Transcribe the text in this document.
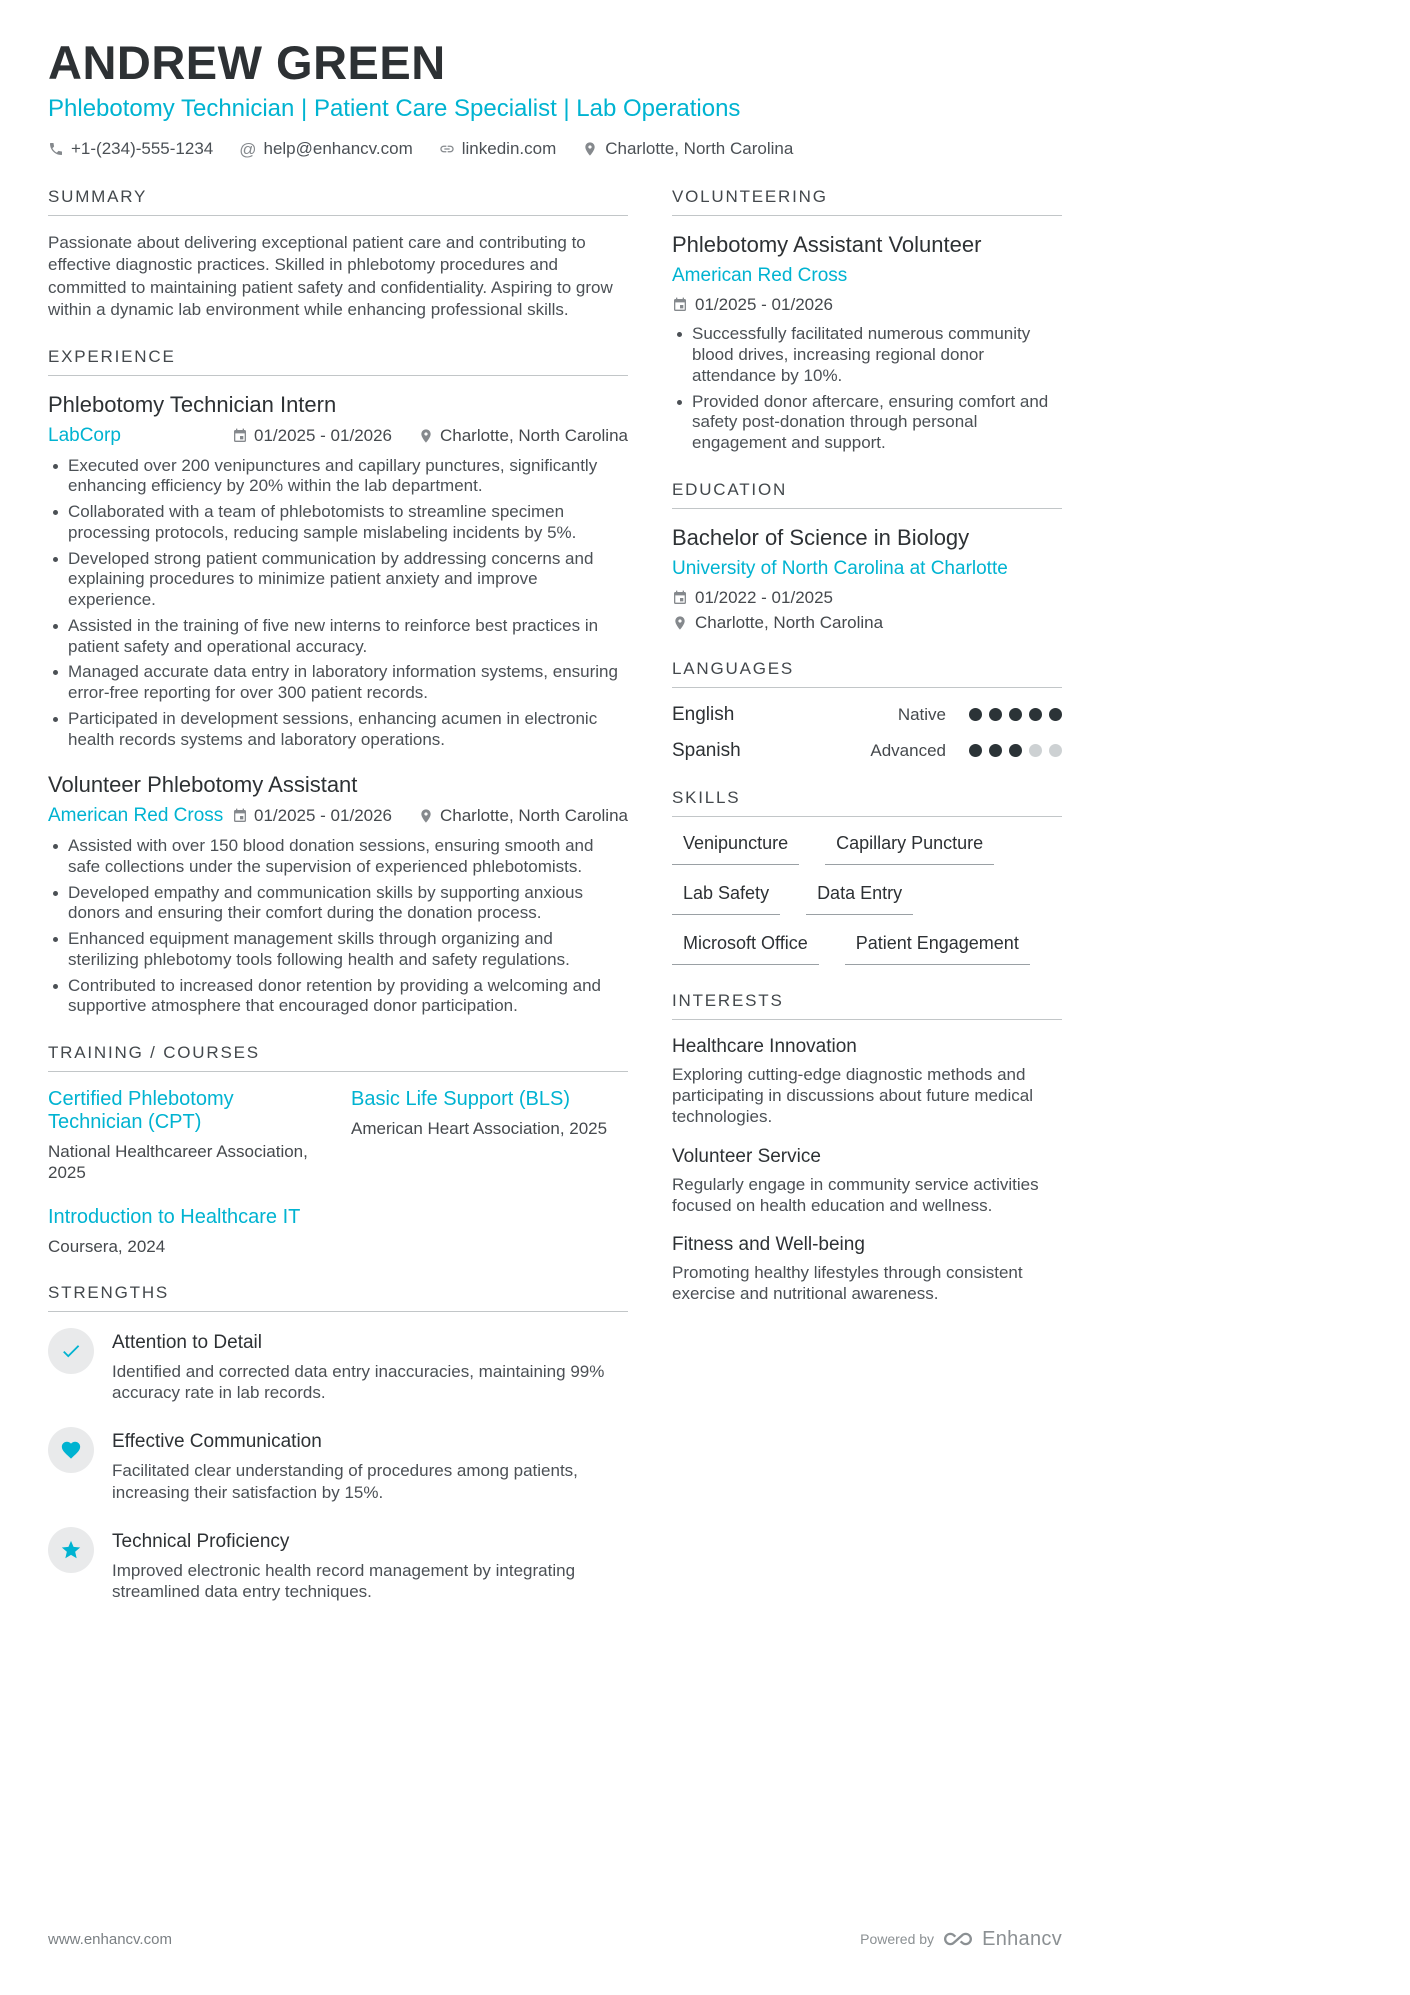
ANDREW GREEN
Phlebotomy Technician | Patient Care Specialist | Lab Operations
+1-(234)-555-1234 @ help@enhancv.com	linkedin.com	Charlotte, North Carolina
SUMMARY

Passionate about delivering exceptional patient care and contributing to effective diagnostic practices. Skilled in phlebotomy procedures and committed to maintaining patient safety and confidentiality. Aspiring to grow within a dynamic lab environment while enhancing professional skills.

EXPERIENCE
Phlebotomy Technician Intern
LabCorp	01/2025 - 01/2026	Charlotte, North Carolina
Executed over 200 venipunctures and capillary punctures, significantly enhancing efficiency by 20% within the lab department.
Collaborated with a team of phlebotomists to streamline specimen processing protocols, reducing sample mislabeling incidents by 5%.
Developed strong patient communication by addressing concerns and explaining procedures to minimize patient anxiety and improve experience.
Assisted in the training of five new interns to reinforce best practices in patient safety and operational accuracy.
Managed accurate data entry in laboratory information systems, ensuring error-free reporting for over 300 patient records.
Participated in development sessions, enhancing acumen in electronic health records systems and laboratory operations.
Volunteer Phlebotomy Assistant
American Red Cross	01/2025 - 01/2026	Charlotte, North Carolina
Assisted with over 150 blood donation sessions, ensuring smooth and safe collections under the supervision of experienced phlebotomists.
Developed empathy and communication skills by supporting anxious donors and ensuring their comfort during the donation process.
Enhanced equipment management skills through organizing and sterilizing phlebotomy tools following health and safety regulations.
Contributed to increased donor retention by providing a welcoming and supportive atmosphere that encouraged donor participation.
TRAINING / COURSES
Certified Phlebotomy Technician (CPT)
National Healthcareer Association, 2025
Basic Life Support (BLS)
American Heart Association, 2025
Introduction to Healthcare IT
Coursera, 2024
STRENGTHS
Attention to Detail
Identified and corrected data entry inaccuracies, maintaining 99% accuracy rate in lab records.
Effective Communication
Facilitated clear understanding of procedures among patients, increasing their satisfaction by 15%.
Technical Proficiency
Improved electronic health record management by integrating streamlined data entry techniques.
VOLUNTEERING
Phlebotomy Assistant Volunteer
American Red Cross
01/2025 - 01/2026
Successfully facilitated numerous community blood drives, increasing regional donor attendance by 10%.
Provided donor aftercare, ensuring comfort and safety post-donation through personal engagement and support.
EDUCATION
Bachelor of Science in Biology
University of North Carolina at Charlotte
01/2022 - 01/2025
Charlotte, North Carolina
LANGUAGES
English	Native
Spanish	Advanced
SKILLS
Venipuncture	Capillary Puncture
Lab Safety	Data Entry
Microsoft Office	Patient Engagement
INTERESTS
Healthcare Innovation
Exploring cutting-edge diagnostic methods and participating in discussions about future medical technologies.
Volunteer Service
Regularly engage in community service activities focused on health education and wellness.
Fitness and Well-being
Promoting healthy lifestyles through consistent exercise and nutritional awareness.
www.enhancv.com	Powered by Enhancv
